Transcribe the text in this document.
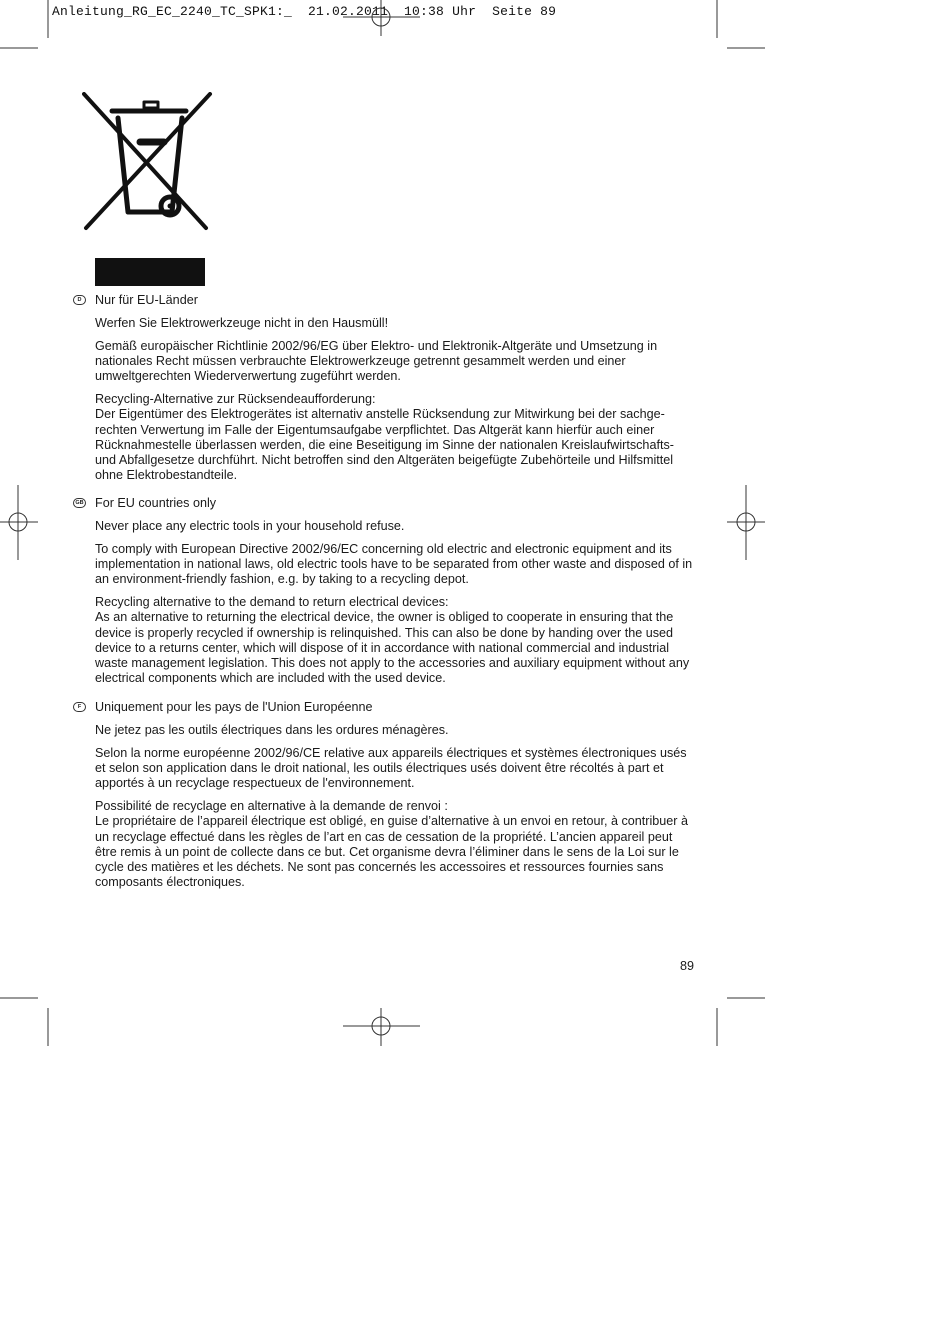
Anleitung_RG_EC_2240_TC_SPK1:_  21.02.2011  10:38 Uhr  Seite 89
D	Nur für EU-Länder

Werfen Sie Elektrowerkzeuge nicht in den Hausmüll!

Gemäß europäischer Richtlinie 2002/96/EG über Elektro- und Elektronik-Altgeräte und Umsetzung in nationales Recht müssen verbrauchte Elektrowerkzeuge getrennt gesammelt werden und einer umweltgerechten Wiederverwertung zugeführt werden.

Recycling-Alternative zur Rücksendeaufforderung:
Der Eigentümer des Elektrogerätes ist alternativ anstelle Rücksendung zur Mitwirkung bei der sachge-rechten Verwertung im Falle der Eigentumsaufgabe verpflichtet. Das Altgerät kann hierfür auch einer Rücknahmestelle überlassen werden, die eine Beseitigung im Sinne der nationalen Kreislaufwirtschafts- und Abfallgesetze durchführt. Nicht betroffen sind den Altgeräten beigefügte Zubehörteile und Hilfsmittel ohne Elektrobestandteile.

GB For EU countries only

Never place any electric tools in your household refuse.

To comply with European Directive 2002/96/EC concerning old electric and electronic equipment and its implementation in national laws, old electric tools have to be separated from other waste and disposed of in an environment-friendly fashion, e.g. by taking to a recycling depot.

Recycling alternative to the demand to return electrical devices:
As an alternative to returning the electrical device, the owner is obliged to cooperate in ensuring that the device is properly recycled if ownership is relinquished. This can also be done by handing over the used device to a returns center, which will dispose of it in accordance with national commercial and industrial waste management legislation. This does not apply to the accessories and auxiliary equipment without any electrical components which are included with the used device.

F	Uniquement pour les pays de l'Union Européenne

Ne jetez pas les outils électriques dans les ordures ménagères.

Selon la norme européenne 2002/96/CE relative aux appareils électriques et systèmes électroniques usés et selon son application dans le droit national, les outils électriques usés doivent être récoltés à part et apportés à un recyclage respectueux de l'environnement.

Possibilité de recyclage en alternative à la demande de renvoi :
Le propriétaire de l’appareil électrique est obligé, en guise d’alternative à un envoi en retour, à contribuer à un recyclage effectué dans les règles de l’art en cas de cessation de la propriété. L’ancien appareil peut être remis à un point de collecte dans ce but. Cet organisme devra l’éliminer dans le sens de la Loi sur le cycle des matières et les déchets. Ne sont pas concernés les accessoires et ressources fournies sans composants électroniques.

89
